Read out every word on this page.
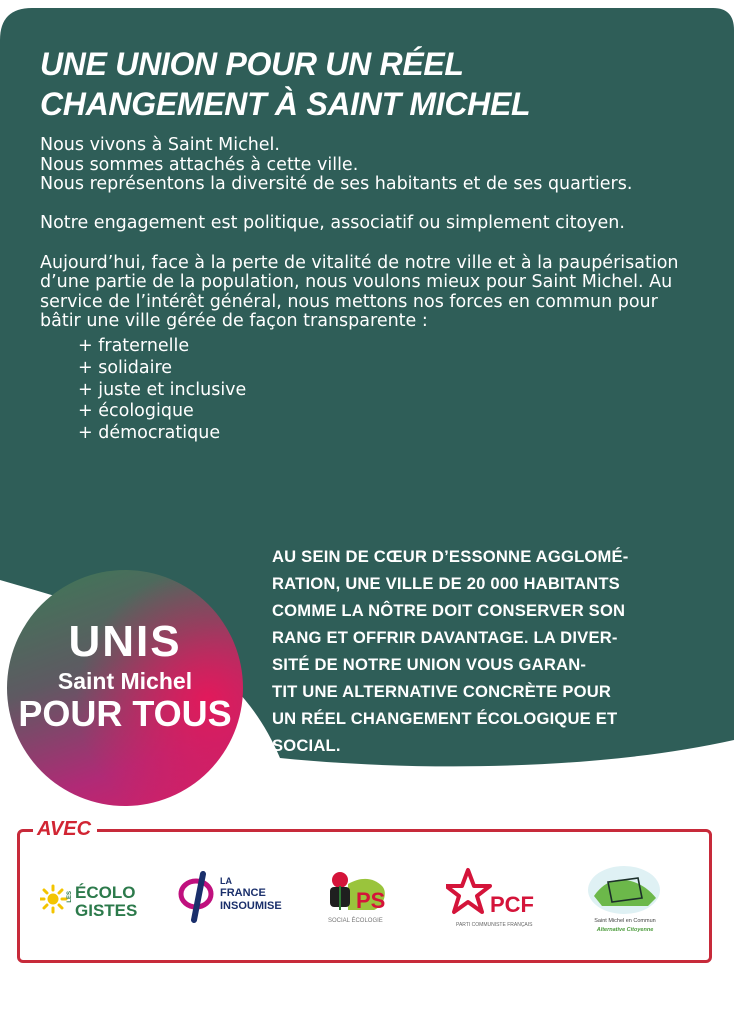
UNE UNION POUR UN RÉEL
CHANGEMENT À SAINT MICHEL

Nous vivons à Saint Michel.

Nous sommes attachés à cette ville.

Nous représentons la diversité de ses habitants et de ses quartiers.

Notre engagement est politique, associatif ou simplement citoyen.

Aujourd’hui, face à la perte de vitalité de notre ville et à la paupérisation d’une partie de la population, nous voulons mieux pour Saint Michel. Au service de l’intérêt général, nous mettons nos forces en commun pour bâtir une ville gérée de façon transparente :

+ fraternelle
+ solidaire
+ juste et inclusive
+ écologique
+ démocratique
AU SEIN DE CŒUR D’ESSONNE AGGLOMÉ-
RATION, UNE VILLE DE 20 000 HABITANTS
COMME LA NÔTRE DOIT CONSERVER SON
RANG ET OFFRIR DAVANTAGE. LA DIVER-
SITÉ DE NOTRE UNION VOUS GARAN-
TIT UNE ALTERNATIVE CONCRÈTE POUR
UN RÉEL CHANGEMENT ÉCOLOGIQUE ET
SOCIAL.
UNIS
Saint Michel
POUR TOUS
AVEC
LES ÉCOLO
GISTES
LA
FRANCE
INSOUMISE	PS
SOCIAL ÉCOLOGIE
PCF
PARTI COMMUNISTE FRANÇAIS
Saint Michel en Commun
Alternative Citoyenne
